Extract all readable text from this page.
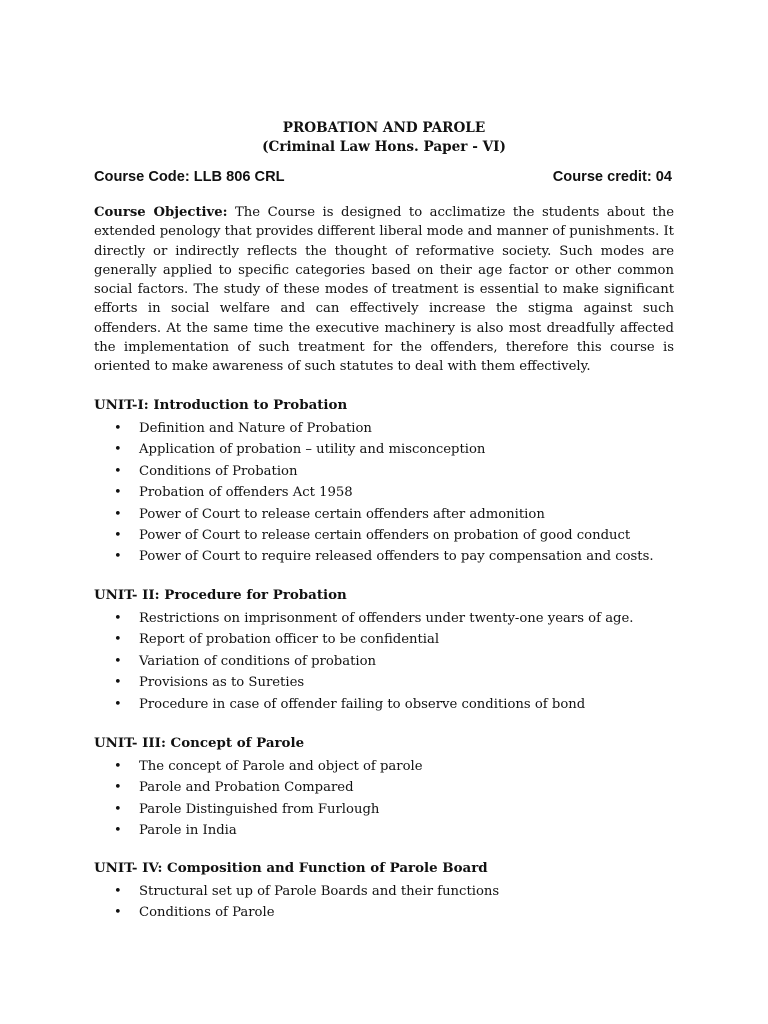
PROBATION AND PAROLE
(Criminal Law Hons. Paper - VI)
Course Code: LLB 806 CRL	Course credit: 04

Course Objective: The Course is designed to acclimatize the students about the extended penology that provides different liberal mode and manner of punishments. It directly or indirectly reflects the thought of reformative society. Such modes are generally applied to specific categories based on their age factor or other common social factors. The study of these modes of treatment is essential to make significant efforts in social welfare and can effectively increase the stigma against such offenders. At the same time the executive machinery is also most dreadfully affected the implementation of such treatment for the offenders, therefore this course is oriented to make awareness of such statutes to deal with them effectively.

UNIT-I: Introduction to Probation
• Definition and Nature of Probation
• Application of probation – utility and misconception
• Conditions of Probation
• Probation of offenders Act 1958
• Power of Court to release certain offenders after admonition
• Power of Court to release certain offenders on probation of good conduct
• Power of Court to require released offenders to pay compensation and costs.
UNIT- II: Procedure for Probation
• Restrictions on imprisonment of offenders under twenty-one years of age.
• Report of probation officer to be confidential
• Variation of conditions of probation
• Provisions as to Sureties
• Procedure in case of offender failing to observe conditions of bond
UNIT- III: Concept of Parole
• The concept of Parole and object of parole
• Parole and Probation Compared
• Parole Distinguished from Furlough
• Parole in India
UNIT- IV: Composition and Function of Parole Board
• Structural set up of Parole Boards and their functions
• Conditions of Parole
